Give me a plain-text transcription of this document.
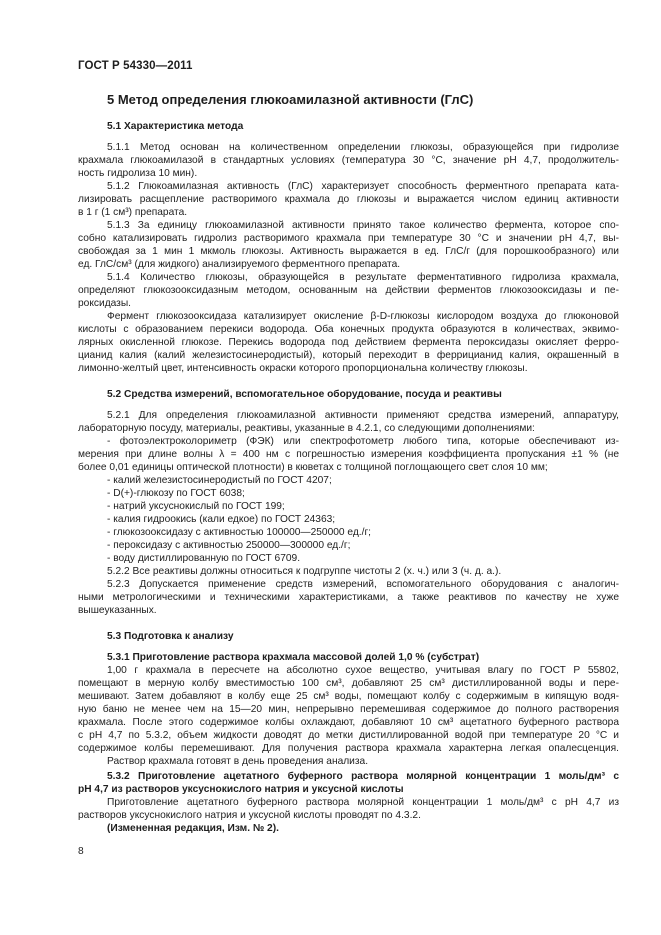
ГОСТ Р 54330—2011
5 Метод определения глюкоамилазной активности (ГлС)
5.1 Характеристика метода
5.1.1 Метод основан на количественном определении глюкозы, образующейся при гидролизе
крахмала глюкоамилазой в стандартных условиях (температура 30 °C, значение pH 4,7, продолжитель-
ность гидролиза 10 мин).
5.1.2 Глюкоамилазная активность (ГлС) характеризует способность ферментного препарата ката-
лизировать расщепление растворимого крахмала до глюкозы и выражается числом единиц активности
в 1 г (1 см³) препарата.
5.1.3 За единицу глюкоамилазной активности принято такое количество фермента, которое спо-
собно катализировать гидролиз растворимого крахмала при температуре 30 °C и значении pH 4,7, вы-
свобождая за 1 мин 1 мкмоль глюкозы. Активность выражается в ед. ГлС/г (для порошкообразного) или
ед. ГлС/см³ (для жидкого) анализируемого ферментного препарата.
5.1.4 Количество глюкозы, образующейся в результате ферментативного гидролиза крахмала,
определяют глюкозооксидазным методом, основанным на действии ферментов глюкозооксидазы и пе-
роксидазы.
Фермент глюкозооксидаза катализирует окисление β-D-глюкозы кислородом воздуха до глюконовой
кислоты с образованием перекиси водорода. Оба конечных продукта образуются в количествах, эквимо-
лярных окисленной глюкозе. Перекись водорода под действием фермента пероксидазы окисляет ферро-
цианид калия (калий железистосинеродистый), который переходит в феррицианид калия, окрашенный в
лимонно-желтый цвет, интенсивность окраски которого пропорциональна количеству глюкозы.
5.2 Средства измерений, вспомогательное оборудование, посуда и реактивы
5.2.1 Для определения глюкоамилазной активности применяют средства измерений, аппаратуру,
лабораторную посуду, материалы, реактивы, указанные в 4.2.1, со следующими дополнениями:
- фотоэлектроколориметр (ФЭК) или спектрофотометр любого типа, которые обеспечивают из-
мерения при длине волны λ = 400 нм с погрешностью измерения коэффициента пропускания ±1 % (не
более 0,01 единицы оптической плотности) в кюветах с толщиной поглощающего свет слоя 10 мм;
- калий железистосинеродистый по ГОСТ 4207;
- D(+)-глюкозу по ГОСТ 6038;
- натрий уксуснокислый по ГОСТ 199;
- калия гидроокись (кали едкое) по ГОСТ 24363;
- глюкозооксидазу с активностью 100000—250000 ед./г;
- пероксидазу с активностью 250000—300000 ед./г;
- воду дистиллированную по ГОСТ 6709.
5.2.2 Все реактивы должны относиться к подгруппе чистоты 2 (х. ч.) или 3 (ч. д. а.).
5.2.3 Допускается применение средств измерений, вспомогательного оборудования с аналогич-
ными метрологическими и техническими характеристиками, а также реактивов по качеству не хуже
вышеуказанных.
5.3 Подготовка к анализу
5.3.1 Приготовление раствора крахмала массовой долей 1,0 % (субстрат)
1,00 г крахмала в пересчете на абсолютно сухое вещество, учитывая влагу по ГОСТ Р 55802,
помещают в мерную колбу вместимостью 100 см³, добавляют 25 см³ дистиллированной воды и пере-
мешивают. Затем добавляют в колбу еще 25 см³ воды, помещают колбу с содержимым в кипящую водя-
ную баню не менее чем на 15—20 мин, непрерывно перемешивая содержимое до полного растворения
крахмала. После этого содержимое колбы охлаждают, добавляют 10 см³ ацетатного буферного раствора
с pH 4,7 по 5.3.2, объем жидкости доводят до метки дистиллированной водой при температуре 20 °C и
содержимое колбы перемешивают. Для получения раствора крахмала характерна легкая опалесценция.
Раствор крахмала готовят в день проведения анализа.
5.3.2 Приготовление ацетатного буферного раствора молярной концентрации 1 моль/дм³ с
pH 4,7 из растворов уксуснокислого натрия и уксусной кислоты
Приготовление ацетатного буферного раствора молярной концентрации 1 моль/дм³ с pH 4,7 из
растворов уксуснокислого натрия и уксусной кислоты проводят по 4.3.2.
(Измененная редакция, Изм. № 2).
8
